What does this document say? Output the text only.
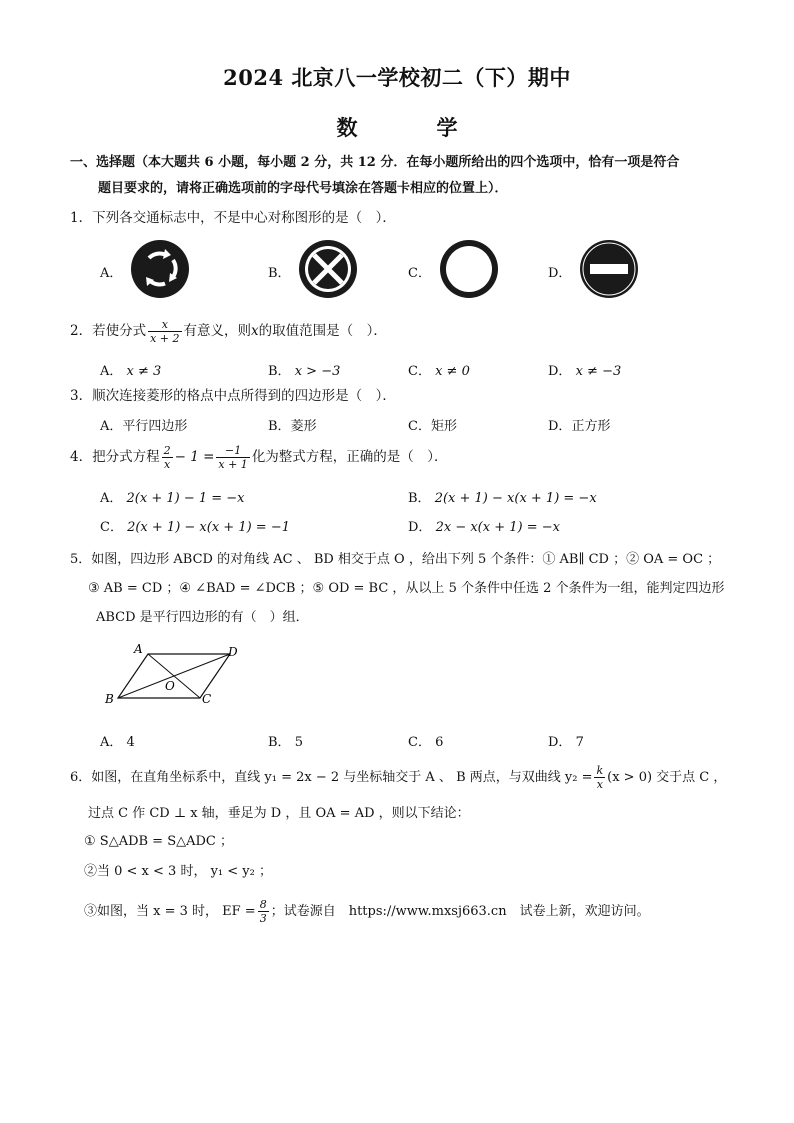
2024 北京八一学校初二（下）期中
数	学
一、选择题（本大题共 6 小题，每小题 2 分，共 12 分．在每小题所给出的四个选项中，恰有一项是符合
题目要求的，请将正确选项前的字母代号填涂在答题卡相应的位置上）．
1．下列各交通标志中，不是中心对称图形的是（　）．
A．	B．	C．	D．
2．若使分式 $\frac{x}{x + 2}$ 有意义，则x的取值范围是（　）．
A． x ≠ 3	B． x > −3	C． x ≠ 0	D． x ≠ −3
3．顺次连接菱形的格点中点所得到的四边形是（　）．
A．平行四边形	B．菱形	C．矩形	D．正方形
4．把分式方程 $\frac{2}{x} - 1 = \frac{-1}{x + 1}$ 化为整式方程，正确的是（　）．
A． 2(x + 1) − 1 = −x	B． 2(x + 1) − x(x + 1) = −x
C． 2(x + 1) − x(x + 1) = −1	D． 2x − x(x + 1) = −x
5．如图，四边形 ABCD 的对角线 AC 、 BD 相交于点 O ，给出下列 5 个条件：① AB∥ CD ；② OA = OC ；
③ AB = CD ；④ ∠BAD = ∠DCB ；⑤ OD = BC ，从以上 5 个条件中任选 2 个条件为一组，能判定四边形
ABCD 是平行四边形的有（　）组．
A	D
B	C
O
A． 4	B． 5	C． 6	D． 7
6．如图，在直角坐标系中，直线 y₁ = 2x − 2 与坐标轴交于 A 、 B 两点，与双曲线 $y_2 = \frac{k}{x} (x > 0)$ 交于点 C ，
过点 C 作 CD ⊥ x 轴，垂足为 D ，且 OA = AD ，则以下结论：
① S△ADB = S△ADC ；
②当 0 < x < 3 时， y₁ < y₂ ；
③如图，当 x = 3 时， EF = $\frac{8}{3}$ ；试卷源自　https://www.mxsj663.cn　试卷上新，欢迎访问。
